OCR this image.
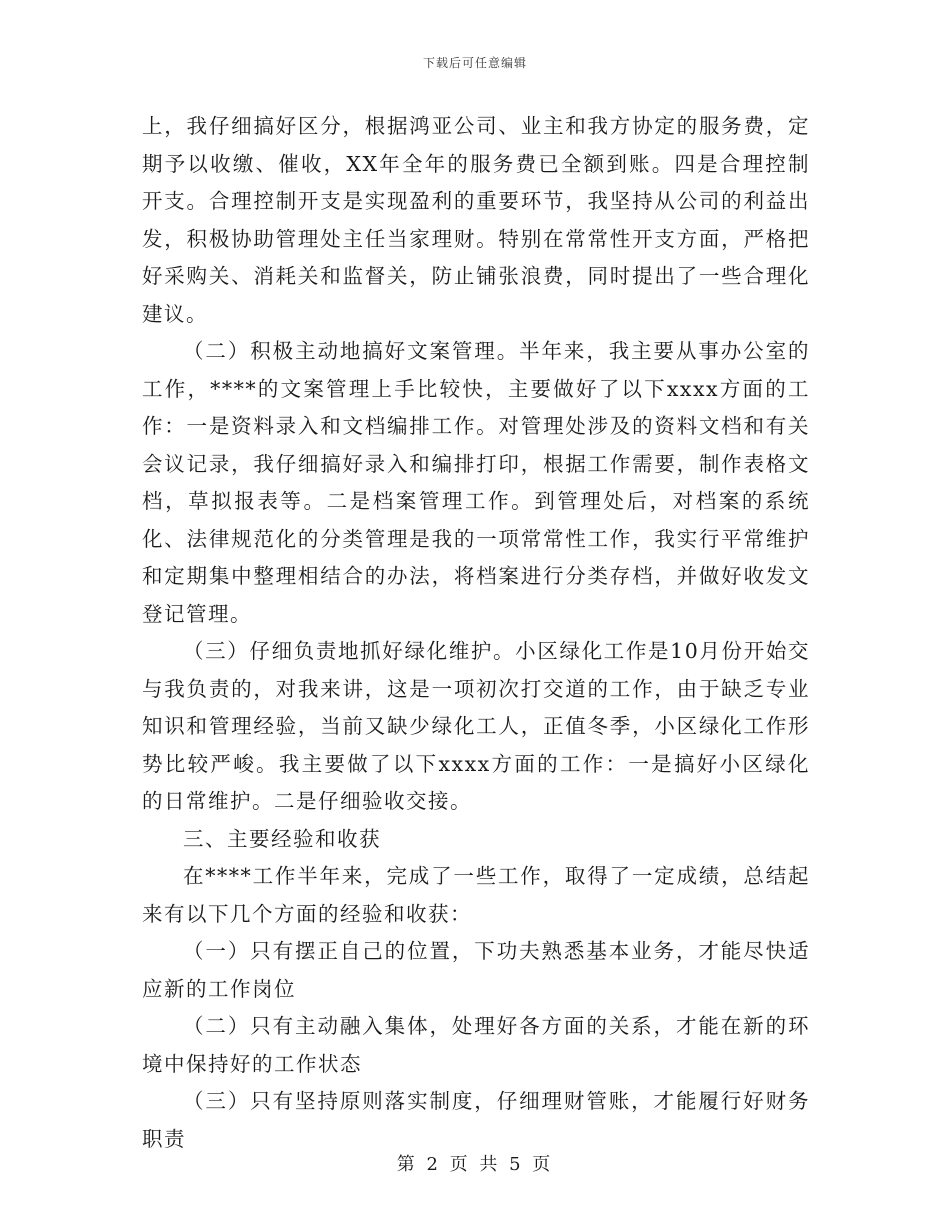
下载后可任意编辑

上，我仔细搞好区分，根据鸿亚公司、业主和我方协定的服务费，定期予以收缴、催收，XX年全年的服务费已全额到账。四是合理控制开支。合理控制开支是实现盈利的重要环节，我坚持从公司的利益出发，积极协助管理处主任当家理财。特别在常常性开支方面，严格把好采购关、消耗关和监督关，防止铺张浪费，同时提出了一些合理化建议。

（二）积极主动地搞好文案管理。半年来，我主要从事办公室的工作，****的文案管理上手比较快，主要做好了以下xxxx方面的工作：一是资料录入和文档编排工作。对管理处涉及的资料文档和有关会议记录，我仔细搞好录入和编排打印，根据工作需要，制作表格文档，草拟报表等。二是档案管理工作。到管理处后，对档案的系统化、法律规范化的分类管理是我的一项常常性工作，我实行平常维护和定期集中整理相结合的办法，将档案进行分类存档，并做好收发文登记管理。

（三）仔细负责地抓好绿化维护。小区绿化工作是10月份开始交与我负责的，对我来讲，这是一项初次打交道的工作，由于缺乏专业知识和管理经验，当前又缺少绿化工人，正值冬季，小区绿化工作形势比较严峻。我主要做了以下xxxx方面的工作：一是搞好小区绿化的日常维护。二是仔细验收交接。

三、主要经验和收获

在****工作半年来，完成了一些工作，取得了一定成绩，总结起来有以下几个方面的经验和收获：

（一）只有摆正自己的位置，下功夫熟悉基本业务，才能尽快适应新的工作岗位

（二）只有主动融入集体，处理好各方面的关系，才能在新的环境中保持好的工作状态

（三）只有坚持原则落实制度，仔细理财管账，才能履行好财务职责

第 2 页 共 5 页
